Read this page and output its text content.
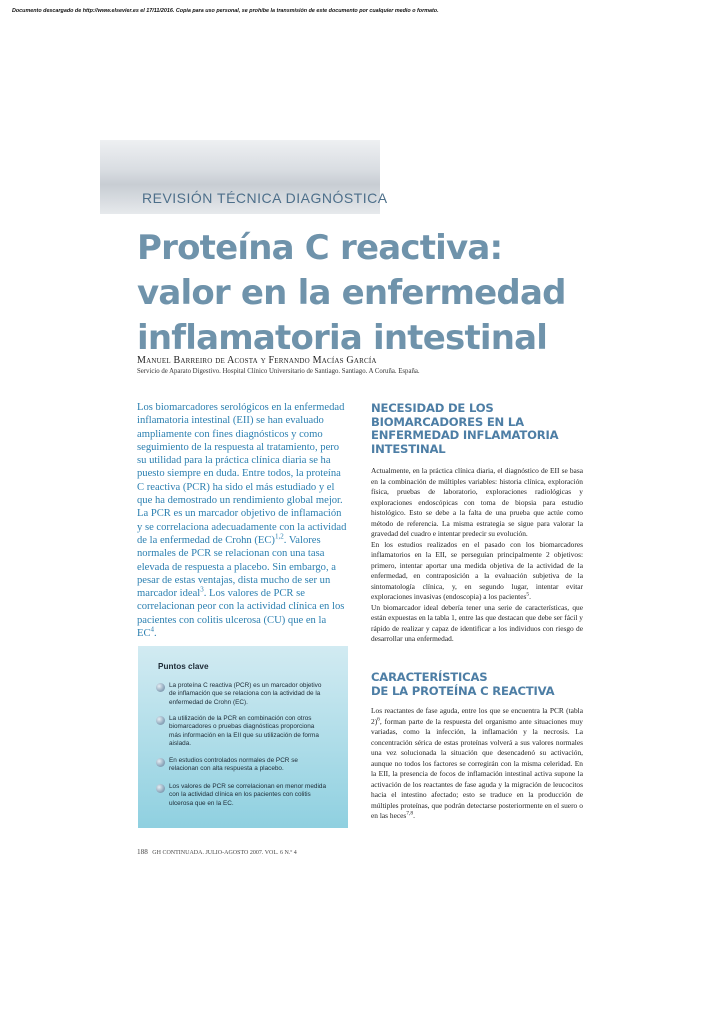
Documento descargado de http://www.elsevier.es el 17/11/2016. Copia para uso personal, se prohíbe la transmisión de este documento por cualquier medio o formato.
REVISIÓN TÉCNICA DIAGNÓSTICA
Proteína C reactiva:
valor en la enfermedad
inflamatoria intestinal
Manuel Barreiro de Acosta y Fernando Macías García
Servicio de Aparato Digestivo. Hospital Clínico Universitario de Santiago. Santiago. A Coruña. España.
Los biomarcadores serológicos en la enfermedad inflamatoria intestinal (EII) se han evaluado ampliamente con fines diagnósticos y como seguimiento de la respuesta al tratamiento, pero su utilidad para la práctica clínica diaria se ha puesto siempre en duda. Entre todos, la proteína C reactiva (PCR) ha sido el más estudiado y el que ha demostrado un rendimiento global mejor. La PCR es un marcador objetivo de inflamación y se correlaciona adecuadamente con la actividad de la enfermedad de Crohn (EC)$^{1,2}$. Valores normales de PCR se relacionan con una tasa elevada de respuesta a placebo. Sin embargo, a pesar de estas ventajas, dista mucho de ser un marcador ideal$^3$. Los valores de PCR se correlacionan peor con la actividad clínica en los pacientes con colitis ulcerosa (CU) que en la $EC^4$.
Puntos clave
La proteína C reactiva (PCR) es un marcador objetivo de inflamación que se relaciona con la actividad de la enfermedad de Crohn (EC).
La utilización de la PCR en combinación con otros biomarcadores o pruebas diagnósticas proporciona más información en la EII que su utilización de forma aislada.
En estudios controlados normales de PCR se relacionan con alta respuesta a placebo.
Los valores de PCR se correlacionan en menor medida con la actividad clínica en los pacientes con colitis ulcerosa que en la EC.
NECESIDAD DE LOS
BIOMARCADORES EN LA
ENFERMEDAD INFLAMATORIA
INTESTINAL

Actualmente, en la práctica clínica diaria, el diagnóstico de EII se basa en la combinación de múltiples variables: historia clínica, exploración física, pruebas de laboratorio, exploraciones radiológicas y exploraciones endoscópicas con toma de biopsia para estudio histológico. Esto se debe a la falta de una prueba que actúe como método de referencia. La misma estrategia se sigue para valorar la gravedad del cuadro e intentar predecir su evolución.

En los estudios realizados en el pasado con los biomarcadores inflamatorios en la EII, se perseguían principalmente 2 objetivos: primero, intentar aportar una medida objetiva de la actividad de la enfermedad, en contraposición a la evaluación subjetiva de la sintomatología clínica, y, en segundo lugar, intentar evitar exploraciones invasivas (endoscopia) a los pacientes$^5$.

Un biomarcador ideal debería tener una serie de características, que están expuestas en la tabla 1, entre las que destacan que debe ser fácil y rápido de realizar y capaz de identificar a los individuos con riesgo de desarrollar una enfermedad.

CARACTERÍSTICAS
DE LA PROTEÍNA C REACTIVA

Los reactantes de fase aguda, entre los que se encuentra la PCR (tabla 2)$^6$, forman parte de la respuesta del organismo ante situaciones muy variadas, como la infección, la inflamación y la necrosis. La concentración sérica de estas proteínas volverá a sus valores normales una vez solucionada la situación que desencadenó su activación, aunque no todos los factores se corregirán con la misma celeridad. En la EII, la presencia de focos de inflamación intestinal activa supone la activación de los reactantes de fase aguda y la migración de leucocitos hacia el intestino afectado; esto se traduce en la producción de múltiples proteínas, que podrán detectarse posteriormente en el suero o en las heces$^{7,8}$.

188 GH CONTINUADA. JULIO-AGOSTO 2007. VOL. 6 N.º 4
